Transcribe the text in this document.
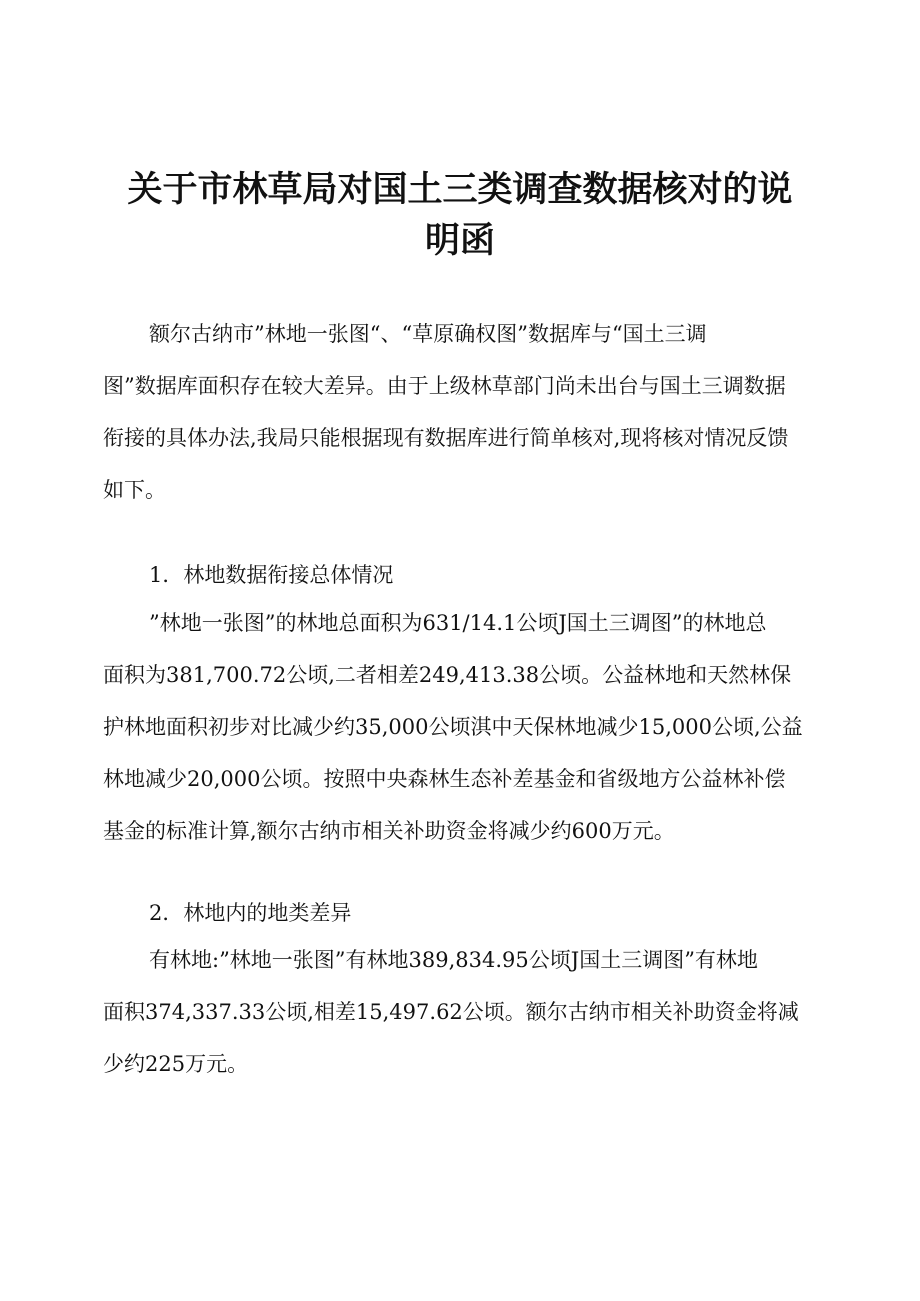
关于市林草局对国土三类调查数据核对的说
明函
额尔古纳市”林地一张图“、“草原确权图”数据库与“国土三调
图”数据库面积存在较大差异。由于上级林草部门尚未出台与国土三调数据
衔接的具体办法,我局只能根据现有数据库进行简单核对,现将核对情况反馈
如下。
1．林地数据衔接总体情况
”林地一张图”的林地总面积为631/14.1公顷J国土三调图”的林地总
面积为381,700.72公顷,二者相差249,413.38公顷。公益林地和天然林保
护林地面积初步对比减少约35,000公顷淇中天保林地减少15,000公顷,公益
林地减少20,000公顷。按照中央森林生态补差基金和省级地方公益林补偿
基金的标准计算,额尔古纳市相关补助资金将减少约600万元。
2．林地内的地类差异
有林地:”林地一张图”有林地389,834.95公顷J国土三调图”有林地
面积374,337.33公顷,相差15,497.62公顷。额尔古纳市相关补助资金将减
少约225万元。
